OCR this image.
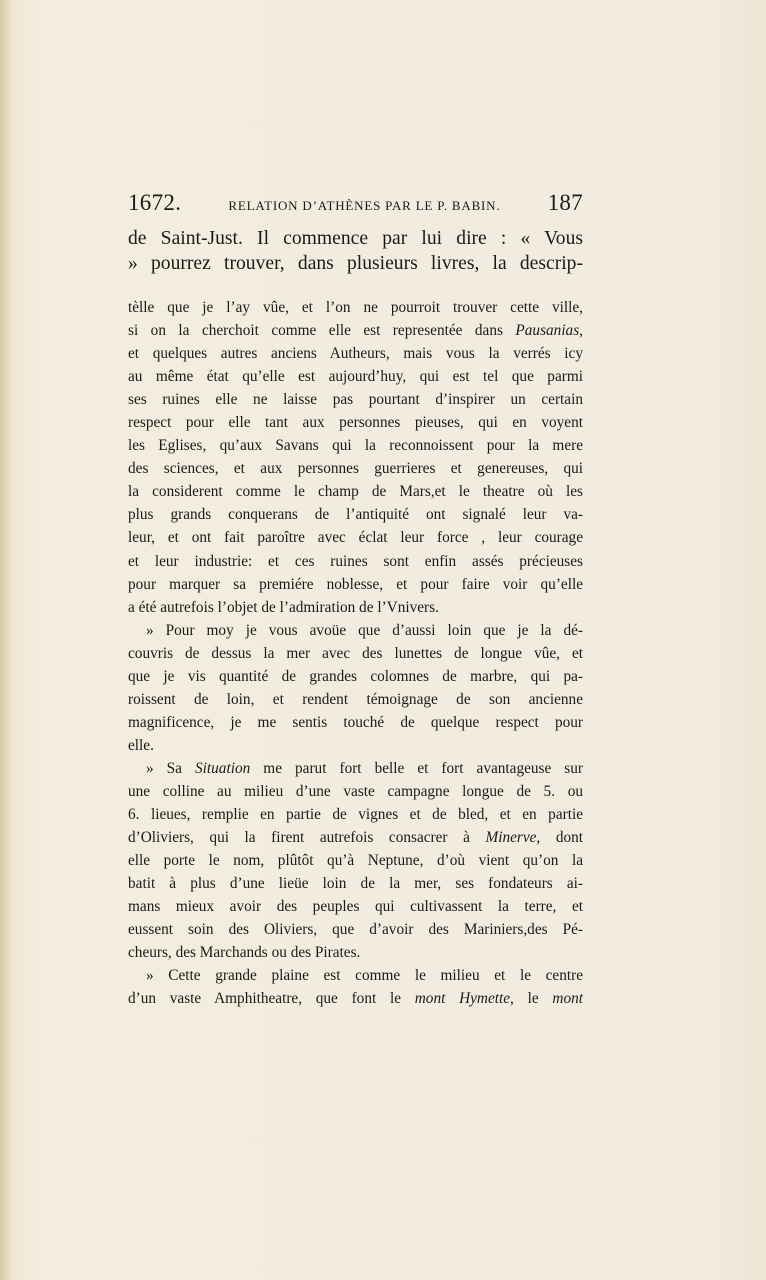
1672.	RELATION D’ATHÈNES PAR LE P. BABIN. 187
de Saint-Just. Il commence par lui dire : « Vous
» pourrez trouver, dans plusieurs livres, la descrip-
tèlle que je l’ay vûe, et l’on ne pourroit trouver cette ville,
si on la cherchoit comme elle est representée dans Pausanias,
et quelques autres anciens Autheurs, mais vous la verrés icy
au même état qu’elle est aujourd’huy, qui est tel que parmi
ses ruines elle ne laisse pas pourtant d’inspirer un certain
respect pour elle tant aux personnes pieuses, qui en voyent
les Eglises, qu’aux Savans qui la reconnoissent pour la mere
des sciences, et aux personnes guerrieres et genereuses, qui
la considerent comme le champ de Mars,et le theatre où les
plus grands conquerans de l’antiquité ont signalé leur va-
leur, et ont fait paroître avec éclat leur force , leur courage
et leur industrie: et ces ruines sont enfin assés précieuses
pour marquer sa premiére noblesse, et pour faire voir qu’elle
a été autrefois l’objet de l’admiration de l’Vnivers.
» Pour moy je vous avoüe que d’aussi loin que je la dé-
couvris de dessus la mer avec des lunettes de longue vûe, et
que je vis quantité de grandes colomnes de marbre, qui pa-
roissent de loin, et rendent témoignage de son ancienne
magnificence, je me sentis touché de quelque respect pour
elle.
» Sa Situation me parut fort belle et fort avantageuse sur
une colline au milieu d’une vaste campagne longue de 5. ou
6. lieues, remplie en partie de vignes et de bled, et en partie
d’Oliviers, qui la firent autrefois consacrer à Minerve, dont
elle porte le nom, plûtôt qu’à Neptune, d’où vient qu’on la
batit à plus d’une lieüe loin de la mer, ses fondateurs ai-
mans mieux avoir des peuples qui cultivassent la terre, et
eussent soin des Oliviers, que d’avoir des Mariniers,des Pé-
cheurs, des Marchands ou des Pirates.
» Cette grande plaine est comme le milieu et le centre
d’un vaste Amphitheatre, que font le mont Hymette, le mont
